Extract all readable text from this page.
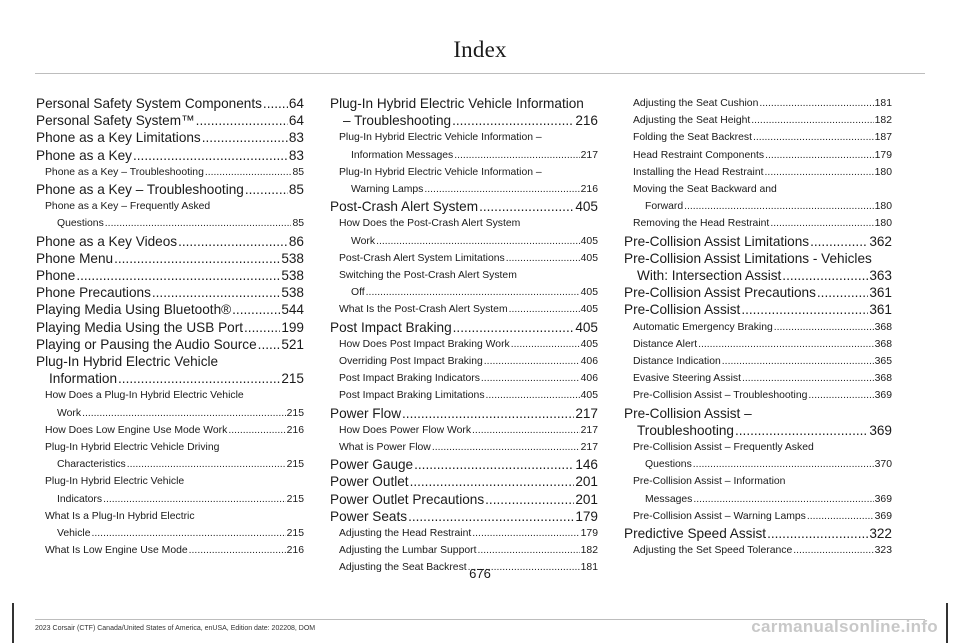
Index
Personal Safety System Components ..... 64
Personal Safety System™ .....	64
Phone as a Key Limitations .....	83
Phone as a Key .....	83
Phone as a Key – Troubleshooting .....	85
Phone as a Key – Troubleshooting .....	85
Phone as a Key – Frequently Asked
Questions .....	85
Phone as a Key Videos .....	86
Phone Menu .....	538
Phone .....	538
Phone Precautions .....	538
Playing Media Using Bluetooth® .....	544
Playing Media Using the USB Port .....	199
Playing or Pausing the Audio Source ..... 521
Plug-In Hybrid Electric Vehicle
Information .....	215
How Does a Plug-In Hybrid Electric Vehicle
Work .....	215
How Does Low Engine Use Mode Work .....	216
Plug-In Hybrid Electric Vehicle Driving
Characteristics .....	215
Plug-In Hybrid Electric Vehicle
Indicators .....	215
What Is a Plug-In Hybrid Electric
Vehicle .....	215
What Is Low Engine Use Mode .....	216
Plug-In Hybrid Electric Vehicle Information
– Troubleshooting .....	216
Plug-In Hybrid Electric Vehicle Information –
Information Messages .....	217
Plug-In Hybrid Electric Vehicle Information –
Warning Lamps .....	216
Post-Crash Alert System .....	405
How Does the Post-Crash Alert System
Work .....	405
Post-Crash Alert System Limitations .....	405
Switching the Post-Crash Alert System
Off .....	405
What Is the Post-Crash Alert System .....	405
Post Impact Braking .....	405
How Does Post Impact Braking Work .....	405
Overriding Post Impact Braking .....	406
Post Impact Braking Indicators .....	406
Post Impact Braking Limitations .....	405
Power Flow .....	217
How Does Power Flow Work .....	217
What is Power Flow .....	217
Power Gauge .....	146
Power Outlet .....	201
Power Outlet Precautions .....	201
Power Seats .....	179
Adjusting the Head Restraint .....	179
Adjusting the Lumbar Support .....	182
Adjusting the Seat Backrest .....	181
Adjusting the Seat Cushion .....	181
Adjusting the Seat Height .....	182
Folding the Seat Backrest .....	187
Head Restraint Components .....	179
Installing the Head Restraint .....	180
Moving the Seat Backward and
Forward .....	180
Removing the Head Restraint .....	180
Pre-Collision Assist Limitations .....	362
Pre-Collision Assist Limitations - Vehicles
With: Intersection Assist .....	363
Pre-Collision Assist Precautions .....	361
Pre-Collision Assist .....	361
Automatic Emergency Braking .....	368
Distance Alert .....	368
Distance Indication .....	365
Evasive Steering Assist .....	368
Pre-Collision Assist – Troubleshooting .....	369
Pre-Collision Assist –
Troubleshooting .....	369
Pre-Collision Assist – Frequently Asked
Questions .....	370
Pre-Collision Assist – Information
Messages .....	369
Pre-Collision Assist – Warning Lamps .....	369
Predictive Speed Assist .....	322
Adjusting the Set Speed Tolerance .....	323
676
2023 Corsair (CTF) Canada/United States of America, enUSA, Edition date: 202208, DOM	carmanualsonline.info
